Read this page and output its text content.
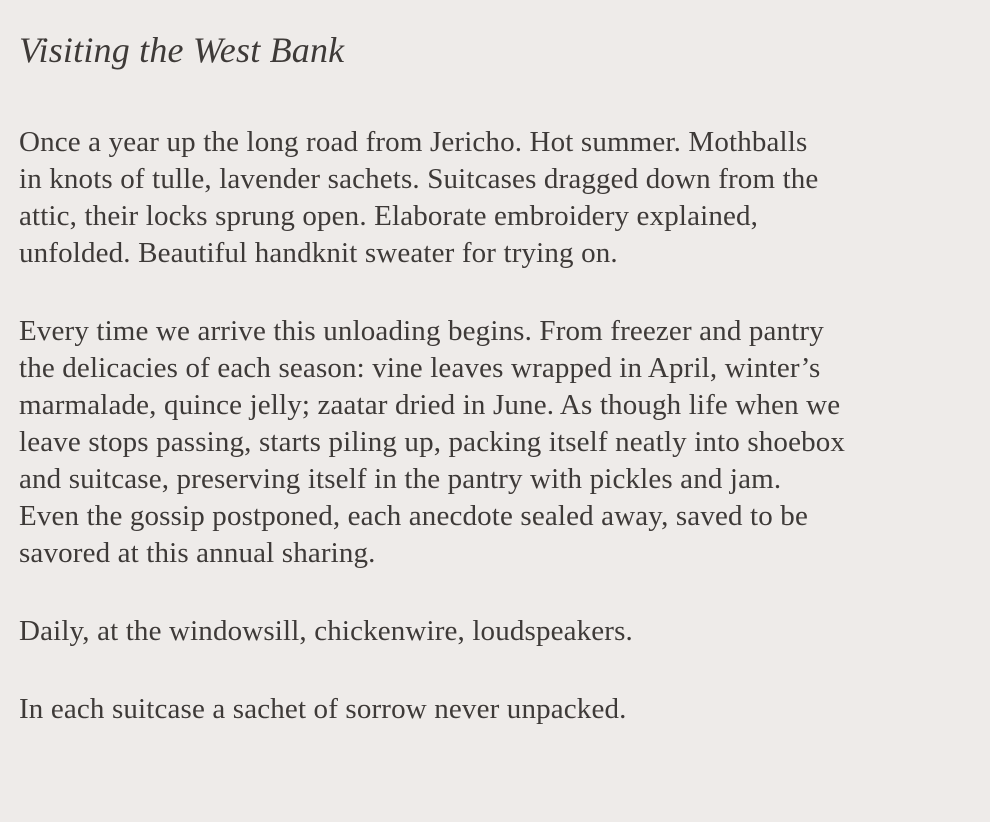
Visiting the West Bank

Once a year up the long road from Jericho. Hot summer. Mothballs
in knots of tulle, lavender sachets. Suitcases dragged down from the
attic, their locks sprung open. Elaborate embroidery explained,
unfolded. Beautiful handknit sweater for trying on.

Every time we arrive this unloading begins. From freezer and pantry
the delicacies of each season: vine leaves wrapped in April, winter’s
marmalade, quince jelly; zaatar dried in June. As though life when we
leave stops passing, starts piling up, packing itself neatly into shoebox
and suitcase, preserving itself in the pantry with pickles and jam.
Even the gossip postponed, each anecdote sealed away, saved to be
savored at this annual sharing.

Daily, at the windowsill, chickenwire, loudspeakers.

In each suitcase a sachet of sorrow never unpacked.
